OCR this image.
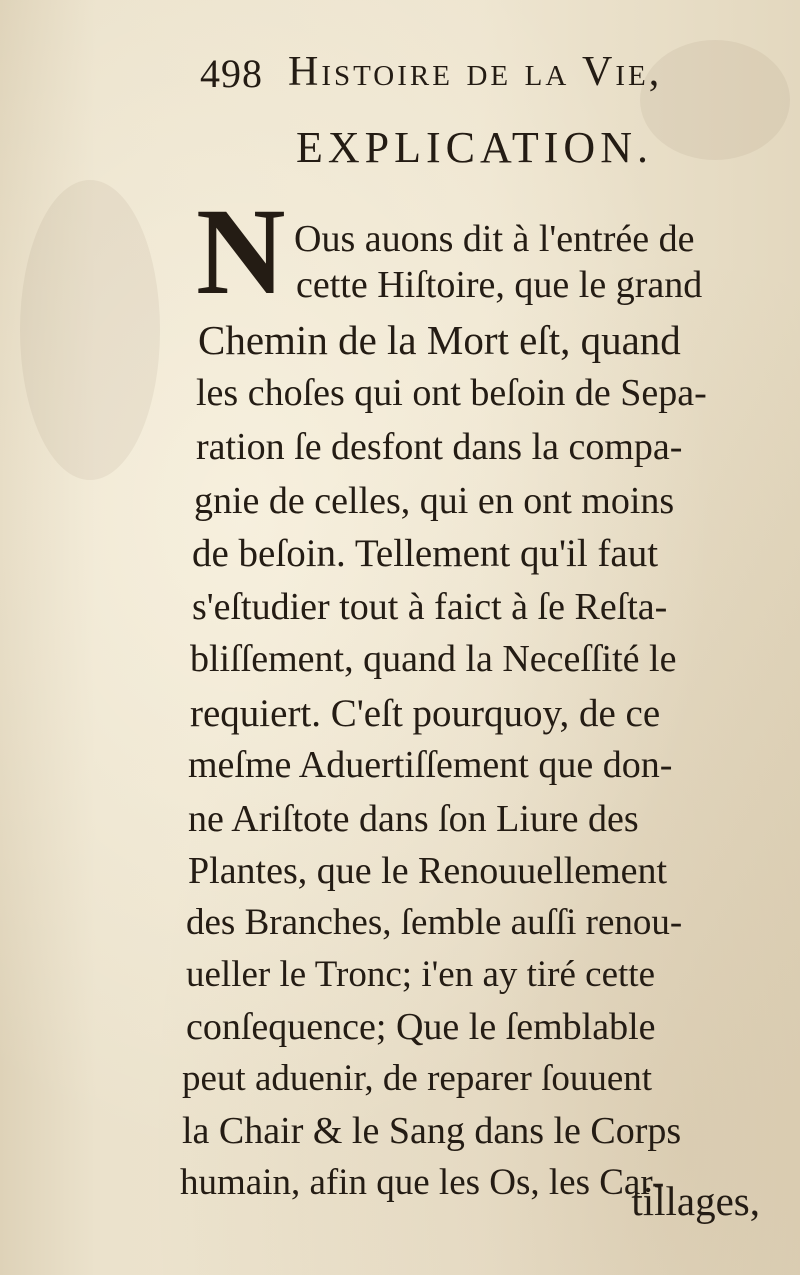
498 Histoire de la Vie,
EXPLICATION.
N Ous auons dit à l'entrée de
cette Hiſtoire, que le grand
Chemin de la Mort eſt, quand
les choſes qui ont beſoin de Sepa-
ration ſe desfont dans la compa-
gnie de celles, qui en ont moins
de beſoin. Tellement qu'il faut
s'eſtudier tout à faict à ſe Reſta-
bliſſement, quand la Neceſſité le
requiert. C'eſt pourquoy, de ce
meſme Aduertiſſement que don-
ne Ariſtote dans ſon Liure des
Plantes, que le Renouuellement
des Branches, ſemble auſſi renou-
ueller le Tronc; i'en ay tiré cette
conſequence; Que le ſemblable
peut aduenir, de reparer ſouuent
la Chair & le Sang dans le Corps
humain, afin que les Os, les Car-
tillages,
